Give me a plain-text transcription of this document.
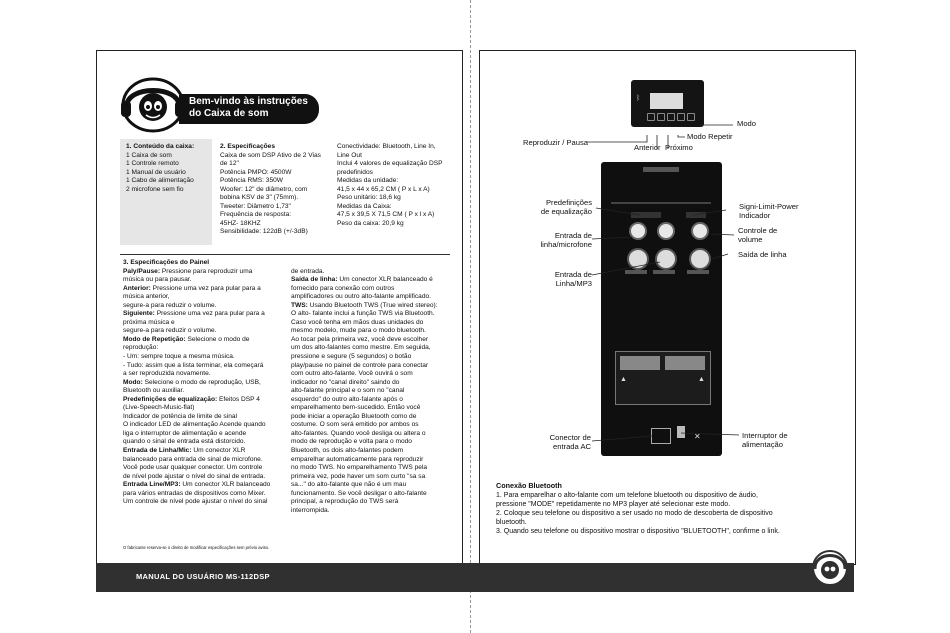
Bem-vindo às instruções
do Caixa de som
1. Conteúdo da caixa:
1 Caixa de som
1 Controle remoto
1 Manual de usuário
1 Cabo de alimentação
2 microfone sem fio
2. Especificações
Caixa de som DSP Ativo de 2 Vias
de 12"
Potência PMPO: 4500W
Potência RMS: 350W
Woofer: 12" de diâmetro, com
bobina KSV de 3" (75mm).
Tweeter: Diâmetro 1,73"
Frequência de resposta:
45HZ- 18KHZ
Sensibilidade: 122dB (+/-3dB)
Conectividade: Bluetooth, Line In,
Line Out
Inclui 4 valores de equalização DSP
predefinidos
Medidas da unidade:
41,5 x 44 x 65,2 CM ( P x L x A)
Peso unitário: 18,6 kg
Medidas da Caixa:
47,5 x 39,5 X 71,5 CM ( P x l x A)
Peso da caixa: 20,9 kg
3. Especificações do Painel
Paly/Pause: Pressione para reproduzir uma
música ou para pausar.
Anterior: Pressione uma vez para pular para a
música anterior,
segure-a para reduzir o volume.
Siguiente: Pressione uma vez para pular para a
próxima música e
segure-a para reduzir o volume.
Modo de Repetição: Selecione o modo de
reprodução:
- Um: sempre toque a mesma música.
- Tudo: assim que a lista terminar, ela começará
a ser reproduzida novamente.
Modo: Selecione o modo de reprodução, USB,
Bluetooth ou auxiliar.
Predefinições de equalização: Efeitos DSP 4
(Live-Speech-Music-flat)
Indicador de potência de limite de sinal
O indicador LED de alimentação Acende quando
liga o interruptor de alimentação e acende
quando o sinal de entrada está distorcido.
Entrada de Linha/Mic: Um conector XLR
balanceado para entrada de sinal de microfone.
Você pode usar qualquer conector. Um controle
de nível pode ajustar o nível do sinal de entrada.
Entrada Line/MP3: Um conector XLR balanceado
para vários entradas de dispositivos como Mixer.
Um controle de nível pode ajustar o nível do sinal
de entrada.
Saída de linha: Um conector XLR balanceado é
fornecido para conexão com outros
amplificadores ou outro alto-falante amplificado.
TWS: Usando Bluetooth TWS (True wired stereo):
O alto- falante inclui a função TWS via Bluetooth.
Caso você tenha em mãos duas unidades do
mesmo modelo, mude para o modo bluetooth.
Ao tocar pela primeira vez, você deve escolher
um dos alto-falantes como mestre. Em seguida,
pressione e segure (5 segundos) o botão
play/pause no painel de controle para conectar
com outro alto-falante. Você ouvirá o som
indicador no "canal direito" saindo do
alto-falante principal e o som no "canal
esquerdo" do outro alto-falante após o
emparelhamento bem-sucedido. Então você
pode iniciar a operação Bluetooth como de
costume. O som será emitido por ambos os
alto-falantes. Quando você desliga ou altera o
modo de reprodução e volta para o modo
Bluetooth, os dois alto-falantes podem
emparelhar automaticamente para reproduzir
no modo TWS. No emparelhamento TWS pela
primeira vez, pode haver um som curto "sa sa
sa..." do alto-falante que não é um mau
funcionamento. Se você desligar o alto-falante
principal, a reprodução do TWS será
interrompida.
O fabricante reserva-se o direito de modificar especificações sem prévio aviso.
ᛒ
▲	▲
✕
Modo
Reproduzir / Pausa
Modo Repetir
Anterior Próximo
Predefinições
de equalização
Signi-Limit-Power
Indicador
Entrada de
linha/microfone
Controle de
volume
Saída de linha
Entrada de
Linha/MP3
Conector de
entrada AC
Interruptor de
alimentação
Conexão Bluetooth
1. Para emparelhar o alto-falante com um telefone bluetooth ou dispositivo de áudio,
pressione "MODE" repetidamente no MP3 player até selecionar este modo.
2. Coloque seu telefone ou dispositivo a ser usado no modo de descoberta de dispositivo
bluetooth.
3. Quando seu telefone ou dispositivo mostrar o dispositivo "BLUETOOTH", confirme o link.
MANUAL DO USUÁRIO MS-112DSP
